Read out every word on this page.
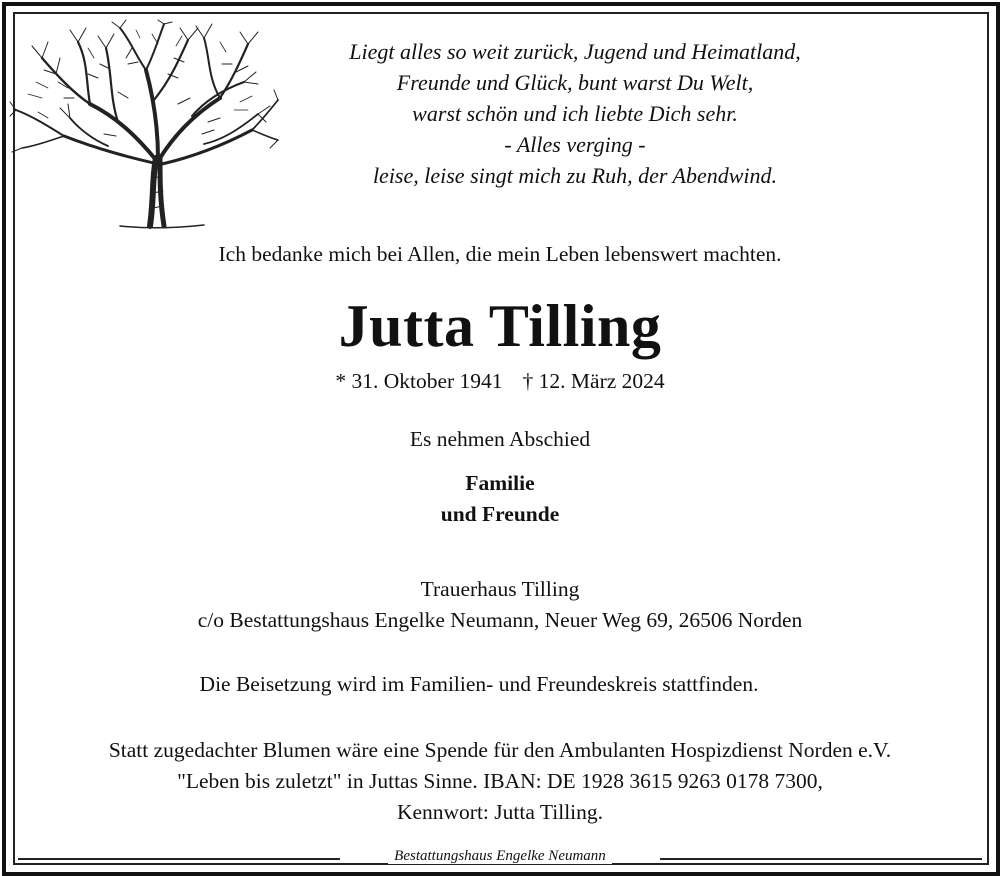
Liegt alles so weit zurück, Jugend und Heimatland,
Freunde und Glück, bunt warst Du Welt,
warst schön und ich liebte Dich sehr.
- Alles verging -
leise, leise singt mich zu Ruh, der Abendwind.
Ich bedanke mich bei Allen, die mein Leben lebenswert machten.
Jutta Tilling
* 31. Oktober 1941 † 12. März 2024
Es nehmen Abschied
Familie
und Freunde
Trauerhaus Tilling
c/o Bestattungshaus Engelke Neumann, Neuer Weg 69, 26506 Norden
Die Beisetzung wird im Familien- und Freundeskreis stattfinden.
Statt zugedachter Blumen wäre eine Spende für den Ambulanten Hospizdienst Norden e.V.
"Leben bis zuletzt" in Juttas Sinne. IBAN: DE 1928 3615 9263 0178 7300,
Kennwort: Jutta Tilling.
Bestattungshaus Engelke Neumann
